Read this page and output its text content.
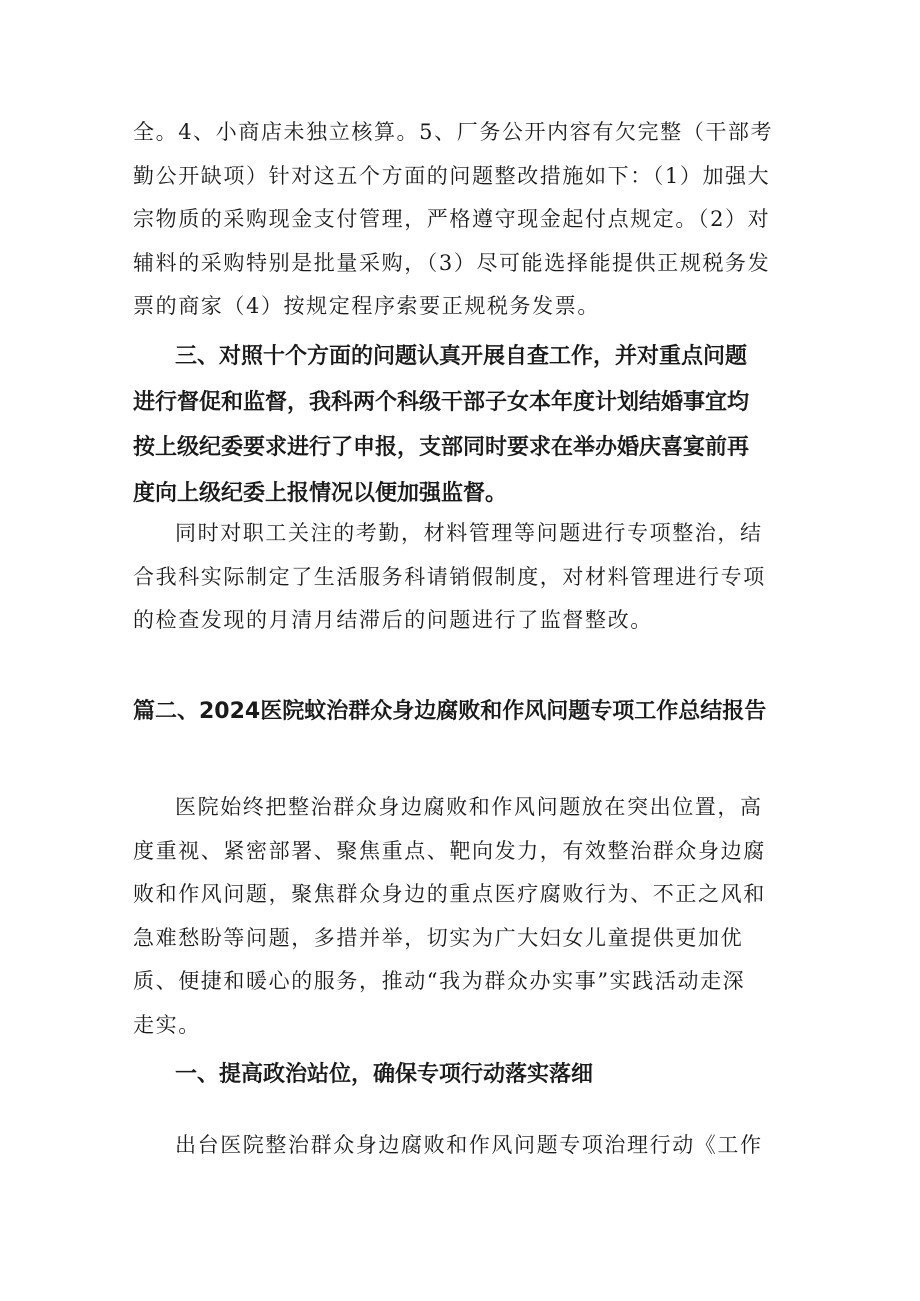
全。4、小商店未独立核算。5、厂务公开内容有欠完整（干部考
勤公开缺项）针对这五个方面的问题整改措施如下：（1）加强大
宗物质的采购现金支付管理，严格遵守现金起付点规定。（2）对
辅料的采购特别是批量采购，（3）尽可能选择能提供正规税务发
票的商家（4）按规定程序索要正规税务发票。

三、对照十个方面的问题认真开展自查工作，并对重点问题
进行督促和监督，我科两个科级干部子女本年度计划结婚事宜均
按上级纪委要求进行了申报，支部同时要求在举办婚庆喜宴前再
度向上级纪委上报情况以便加强监督。

同时对职工关注的考勤，材料管理等问题进行专项整治，结
合我科实际制定了生活服务科请销假制度，对材料管理进行专项
的检查发现的月清月结滞后的问题进行了监督整改。

篇二、2024医院蚊治群众身边腐败和作风问题专项工作总结报告

医院始终把整治群众身边腐败和作风问题放在突出位置，高
度重视、紧密部署、聚焦重点、靶向发力，有效整治群众身边腐
败和作风问题，聚焦群众身边的重点医疗腐败行为、不正之风和
急难愁盼等问题，多措并举，切实为广大妇女儿童提供更加优
质、便捷和暖心的服务，推动“我为群众办实事”实践活动走深
走实。

一、提高政治站位，确保专项行动落实落细

出台医院整治群众身边腐败和作风问题专项治理行动《工作
